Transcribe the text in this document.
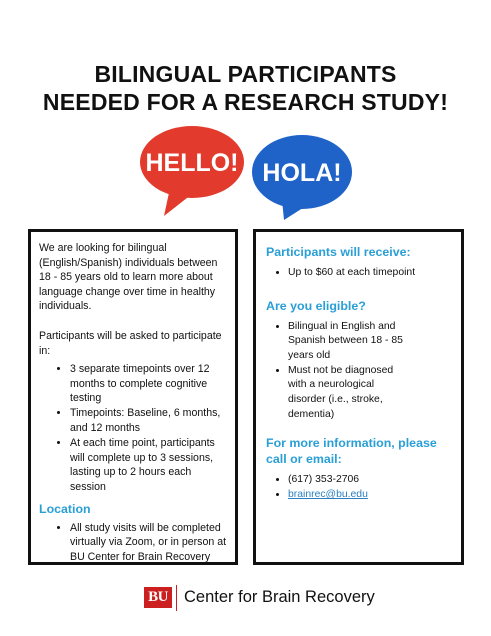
BILINGUAL PARTICIPANTS
NEEDED FOR A RESEARCH STUDY!
HELLO! HOLA!

We are looking for bilingual (English/Spanish) individuals between 18 - 85 years old to learn more about language change over time in healthy individuals.

Participants will be asked to participate in:

• 3 separate timepoints over 12 months to complete cognitive testing
• Timepoints: Baseline, 6 months, and 12 months
• At each time point, participants will complete up to 3 sessions, lasting up to 2 hours each session

Location

• All study visits will be completed virtually via Zoom, or in person at BU Center for Brain Recovery

Participants will receive:

• Up to $60 at each timepoint

Are you eligible?

• Bilingual in English and Spanish between 18 - 85 years old
• Must not be diagnosed with a neurological disorder (i.e., stroke, dementia)

For more information, please call or email:

• (617) 353-2706
• brainrec@bu.edu
BU Center for Brain Recovery
